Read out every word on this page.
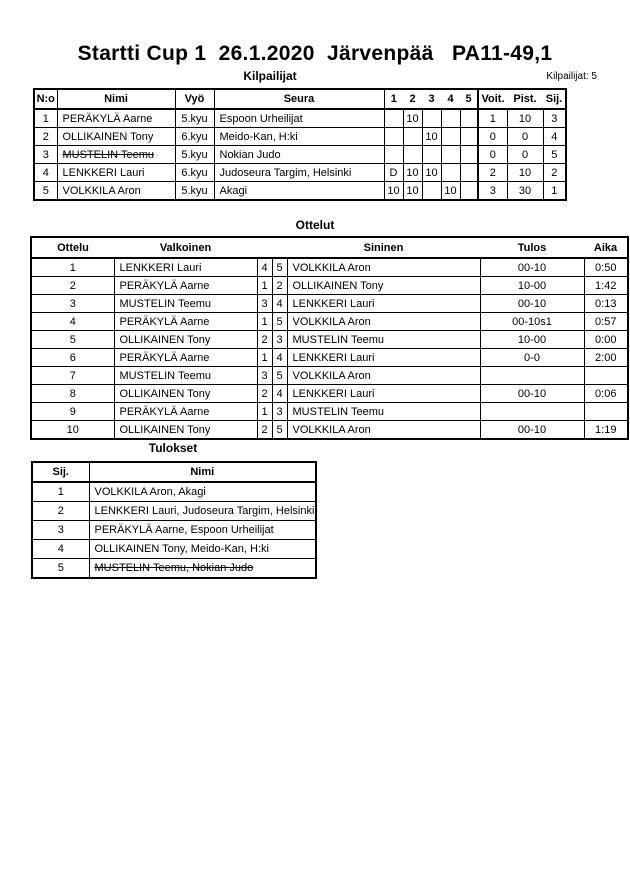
Startti Cup 1  26.1.2020  Järvenpää   PA11-49,1
Kilpailijat	Kilpailijat: 5
N:o	Nimi	Vyö	Seura	1	2	3	4	5	Voit.	Pist.	Sij.
1	PERÄKYLÄ Aarne	5.kyu	Espoon Urheilijat		10				1	10	3
2	OLLIKAINEN Tony	6.kyu	Meido-Kan, H:ki			10			0	0	4
3	MUSTELIN Teemu	5.kyu	Nokian Judo						0	0	5
4	LENKKERI Lauri	6.kyu	Judoseura Targim, Helsinki	D	10	10			2	10	2
5	VOLKKILA Aron	5.kyu	Akagi	10	10		10		3	30	1
Ottelut
Ottelu	Valkoinen			Sininen	Tulos	Aika
1	LENKKERI Lauri	4	5	VOLKKILA Aron	00-10	0:50
2	PERÄKYLÄ Aarne	1	2	OLLIKAINEN Tony	10-00	1:42
3	MUSTELIN Teemu	3	4	LENKKERI Lauri	00-10	0:13
4	PERÄKYLÄ Aarne	1	5	VOLKKILA Aron	00-10s1	0:57
5	OLLIKAINEN Tony	2	3	MUSTELIN Teemu	10-00	0:00
6	PERÄKYLÄ Aarne	1	4	LENKKERI Lauri	0-0	2:00
7	MUSTELIN Teemu	3	5	VOLKKILA Aron		
8	OLLIKAINEN Tony	2	4	LENKKERI Lauri	00-10	0:06
9	PERÄKYLÄ Aarne	1	3	MUSTELIN Teemu		
10	OLLIKAINEN Tony	2	5	VOLKKILA Aron	00-10	1:19
Tulokset
Sij.	Nimi
1	VOLKKILA Aron, Akagi
2	LENKKERI Lauri, Judoseura Targim, Helsinki
3	PERÄKYLÄ Aarne, Espoon Urheilijat
4	OLLIKAINEN Tony, Meido-Kan, H:ki
5	MUSTELIN Teemu, Nokian Judo
